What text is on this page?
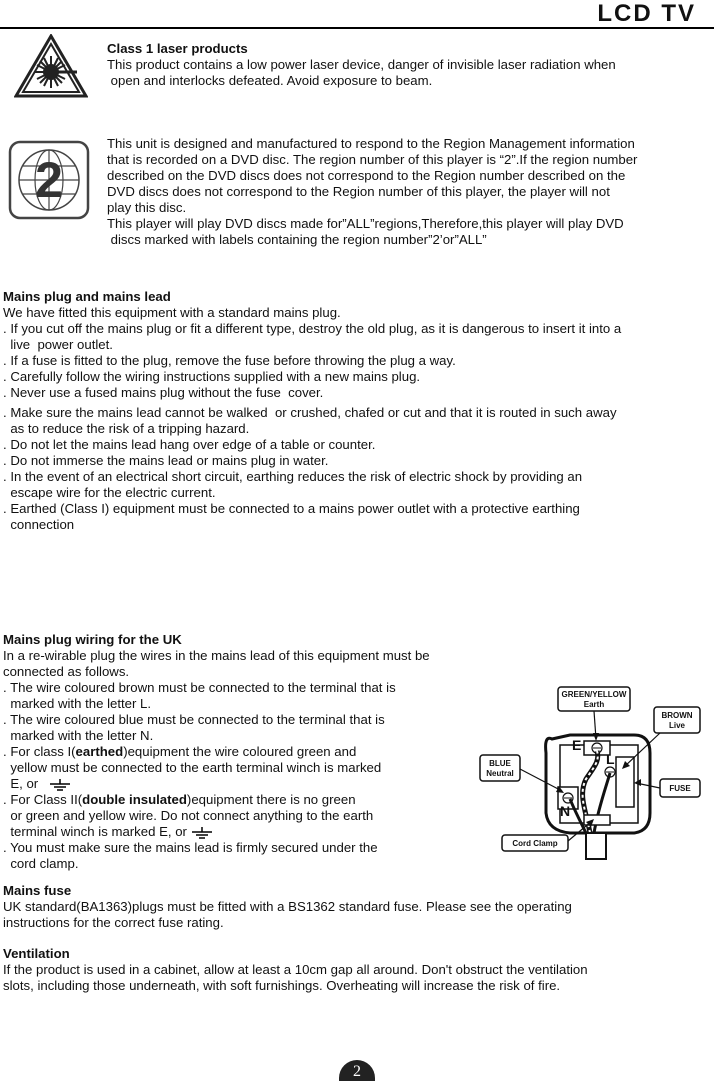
LCD TV

Class 1 laser products

This product contains a low power laser device, danger of invisible laser radiation when

open and interlocks defeated. Avoid exposure to beam.

2

This unit is designed and manufactured to respond to the Region Management information

that is recorded on a DVD disc. The region number of this player is “2”.If the region number

described on the DVD discs does not correspond to the Region number described on the

DVD discs does not correspond to the Region number of this player, the player will not

play this disc.

This player will play DVD discs made for”ALL”regions,Therefore,this player will play DVD

discs marked with labels containing the region number”2’or”ALL”

Mains plug and mains lead

We have fitted this equipment with a standard mains plug.

. If you cut off the mains plug or fit a different type, destroy the old plug, as it is dangerous to insert it into a

live  power outlet.

. If a fuse is fitted to the plug, remove the fuse before throwing the plug a way.

. Carefully follow the wiring instructions supplied with a new mains plug.

. Never use a fused mains plug without the fuse  cover.

. Make sure the mains lead cannot be walked  or crushed, chafed or cut and that it is routed in such away

as to reduce the risk of a tripping hazard.

. Do not let the mains lead hang over edge of a table or counter.

. Do not immerse the mains lead or mains plug in water.

. In the event of an electrical short circuit, earthing reduces the risk of electric shock by providing an

escape wire for the electric current.

. Earthed (Class I) equipment must be connected to a mains power outlet with a protective earthing

connection

Mains plug wiring for the UK

In a re-wirable plug the wires in the mains lead of this equipment must be

connected as follows.

. The wire coloured brown must be connected to the terminal that is

marked with the letter L.

. The wire coloured blue must be connected to the terminal that is

marked with the letter N.

. For class I(earthed)equipment the wire coloured green and

yellow must be connected to the earth terminal winch is marked

E, or

. For Class II(double insulated)equipment there is no green

or green and yellow wire. Do not connect anything to the earth

terminal winch is marked E, or

. You must make sure the mains lead is firmly secured under the

cord clamp.

GREEN/YELLOW
Earth
BROWN
Live
BLUE
Neutral
FUSE
Cord Clamp
E
L
N

Mains fuse

UK standard(BA1363)plugs must be fitted with a BS1362 standard fuse. Please see the operating

instructions for the correct fuse rating.

Ventilation

If the product is used in a cabinet, allow at least a 10cm gap all around. Don't obstruct the ventilation

slots, including those underneath, with soft furnishings. Overheating will increase the risk of fire.

2
